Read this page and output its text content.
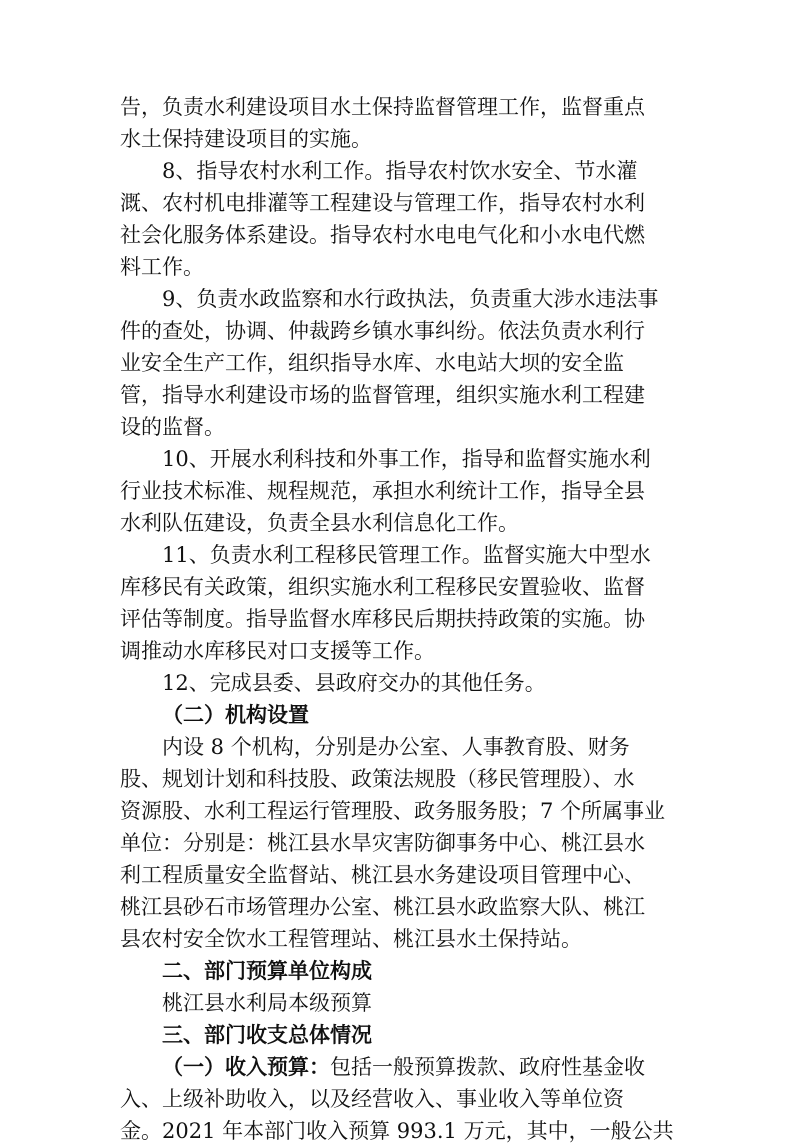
告，负责水利建设项目水土保持监督管理工作，监督重点
水土保持建设项目的实施。
8、指导农村水利工作。指导农村饮水安全、节水灌
溉、农村机电排灌等工程建设与管理工作，指导农村水利
社会化服务体系建设。指导农村水电电气化和小水电代燃
料工作。
9、负责水政监察和水行政执法，负责重大涉水违法事
件的查处，协调、仲裁跨乡镇水事纠纷。依法负责水利行
业安全生产工作，组织指导水库、水电站大坝的安全监
管，指导水利建设市场的监督管理，组织实施水利工程建
设的监督。
10、开展水利科技和外事工作，指导和监督实施水利
行业技术标准、规程规范，承担水利统计工作，指导全县
水利队伍建设，负责全县水利信息化工作。
11、负责水利工程移民管理工作。监督实施大中型水
库移民有关政策，组织实施水利工程移民安置验收、监督
评估等制度。指导监督水库移民后期扶持政策的实施。协
调推动水库移民对口支援等工作。
12、完成县委、县政府交办的其他任务。
（二）机构设置
内设 8 个机构，分别是办公室、人事教育股、财务
股、规划计划和科技股、政策法规股（移民管理股）、水
资源股、水利工程运行管理股、政务服务股；7 个所属事业
单位：分别是：桃江县水旱灾害防御事务中心、桃江县水
利工程质量安全监督站、桃江县水务建设项目管理中心、
桃江县砂石市场管理办公室、桃江县水政监察大队、桃江
县农村安全饮水工程管理站、桃江县水土保持站。
二、部门预算单位构成
桃江县水利局本级预算
三、部门收支总体情况
（一）收入预算：包括一般预算拨款、政府性基金收
入、上级补助收入，以及经营收入、事业收入等单位资
金。2021 年本部门收入预算 993.1 万元，其中，一般公共
